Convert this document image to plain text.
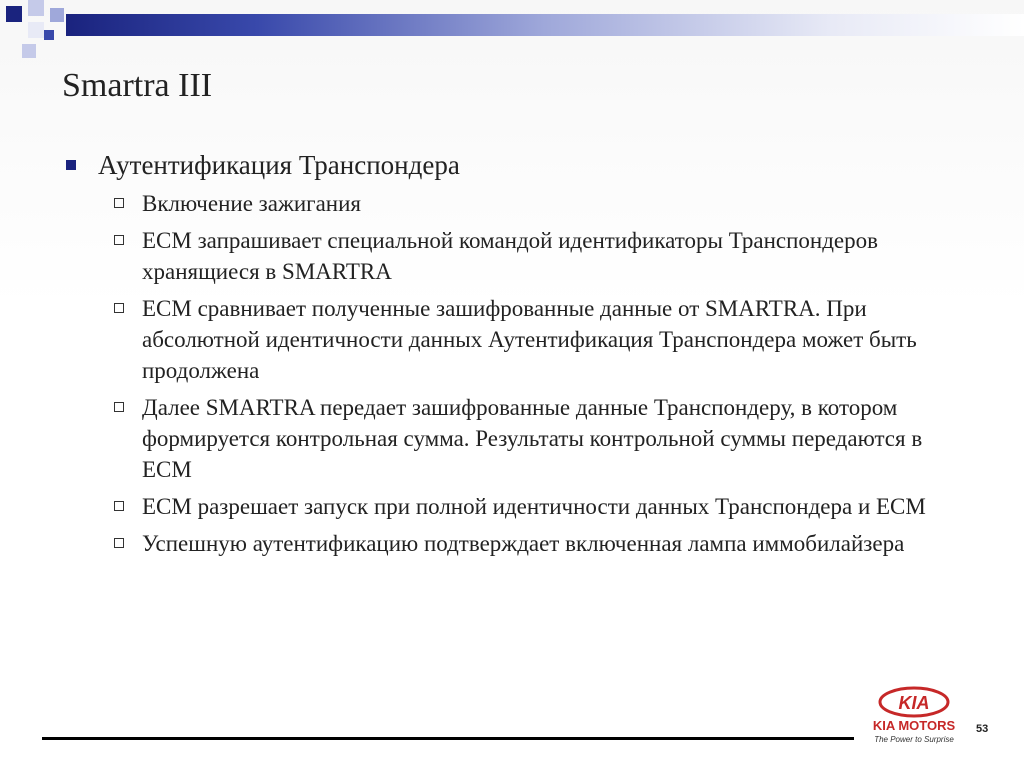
Smartra III
Аутентификация Транспондера
Включение зажигания
ECM запрашивает специальной командой идентификаторы Транспондеров хранящиеся в SMARTRA
ECM сравнивает полученные зашифрованные данные от SMARTRA. При абсолютной идентичности данных Аутентификация Транспондера может быть продолжена
Далее SMARTRA передает зашифрованные данные Транспондеру, в котором формируется контрольная сумма. Результаты контрольной суммы передаются в ECM
ECM разрешает запуск при полной идентичности данных Транспондера и ECM
Успешную аутентификацию подтверждает включенная лампа иммобилайзера
KIA
KIA MOTORS
The Power to Surprise
53
